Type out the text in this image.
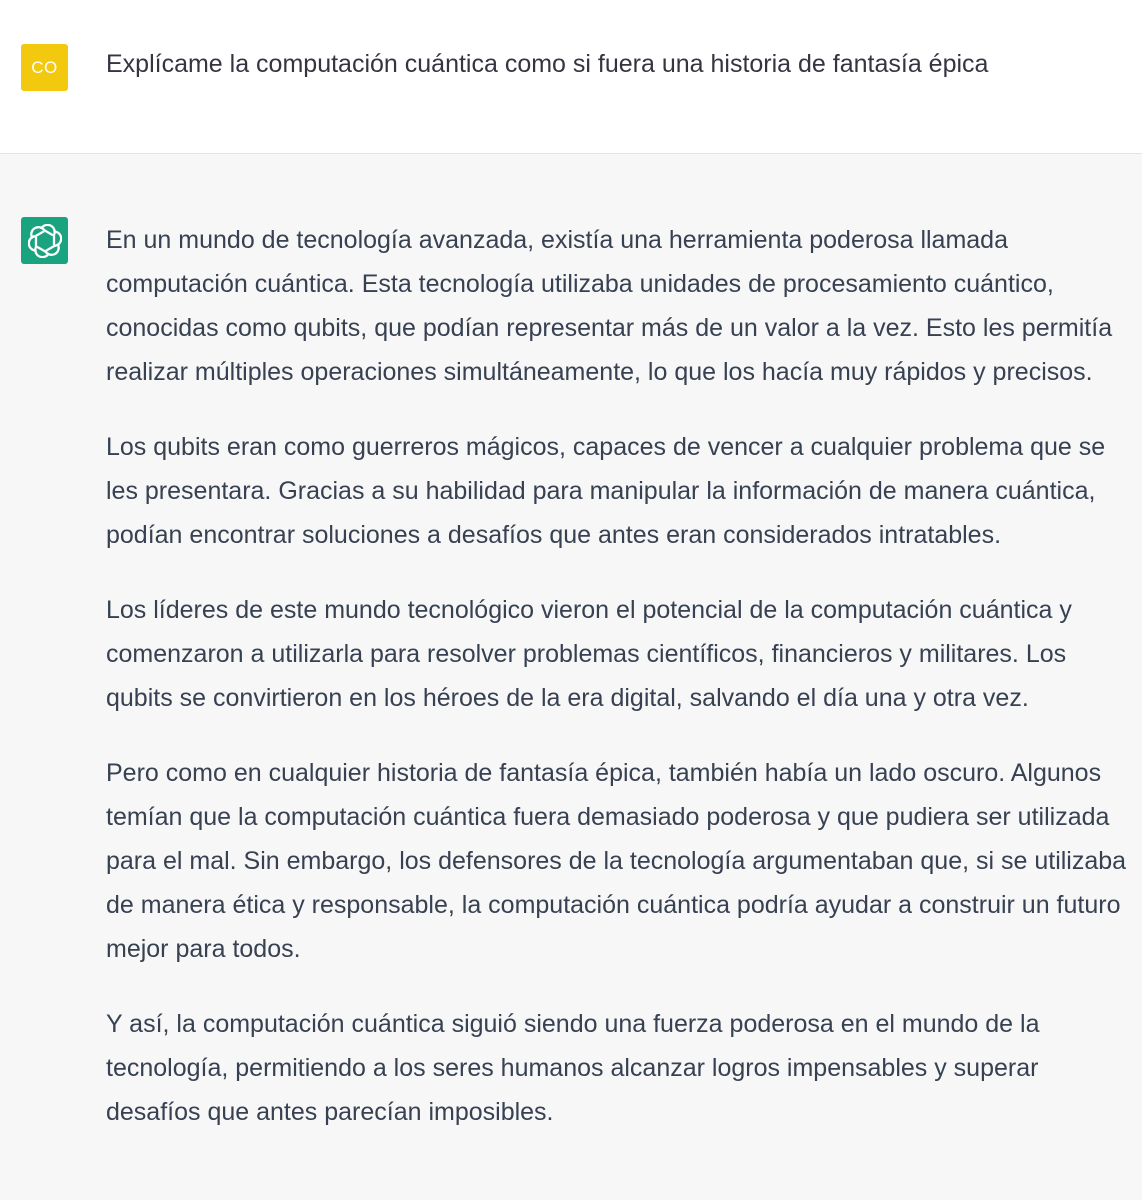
CO	Explícame la computación cuántica como si fuera una historia de fantasía épica

En un mundo de tecnología avanzada, existía una herramienta poderosa llamada computación cuántica. Esta tecnología utilizaba unidades de procesamiento cuántico, conocidas como qubits, que podían representar más de un valor a la vez. Esto les permitía realizar múltiples operaciones simultáneamente, lo que los hacía muy rápidos y precisos.

Los qubits eran como guerreros mágicos, capaces de vencer a cualquier problema que se les presentara. Gracias a su habilidad para manipular la información de manera cuántica, podían encontrar soluciones a desafíos que antes eran considerados intratables.

Los líderes de este mundo tecnológico vieron el potencial de la computación cuántica y comenzaron a utilizarla para resolver problemas científicos, financieros y militares. Los qubits se convirtieron en los héroes de la era digital, salvando el día una y otra vez.

Pero como en cualquier historia de fantasía épica, también había un lado oscuro. Algunos temían que la computación cuántica fuera demasiado poderosa y que pudiera ser utilizada para el mal. Sin embargo, los defensores de la tecnología argumentaban que, si se utilizaba de manera ética y responsable, la computación cuántica podría ayudar a construir un futuro mejor para todos.

Y así, la computación cuántica siguió siendo una fuerza poderosa en el mundo de la tecnología, permitiendo a los seres humanos alcanzar logros impensables y superar desafíos que antes parecían imposibles.
